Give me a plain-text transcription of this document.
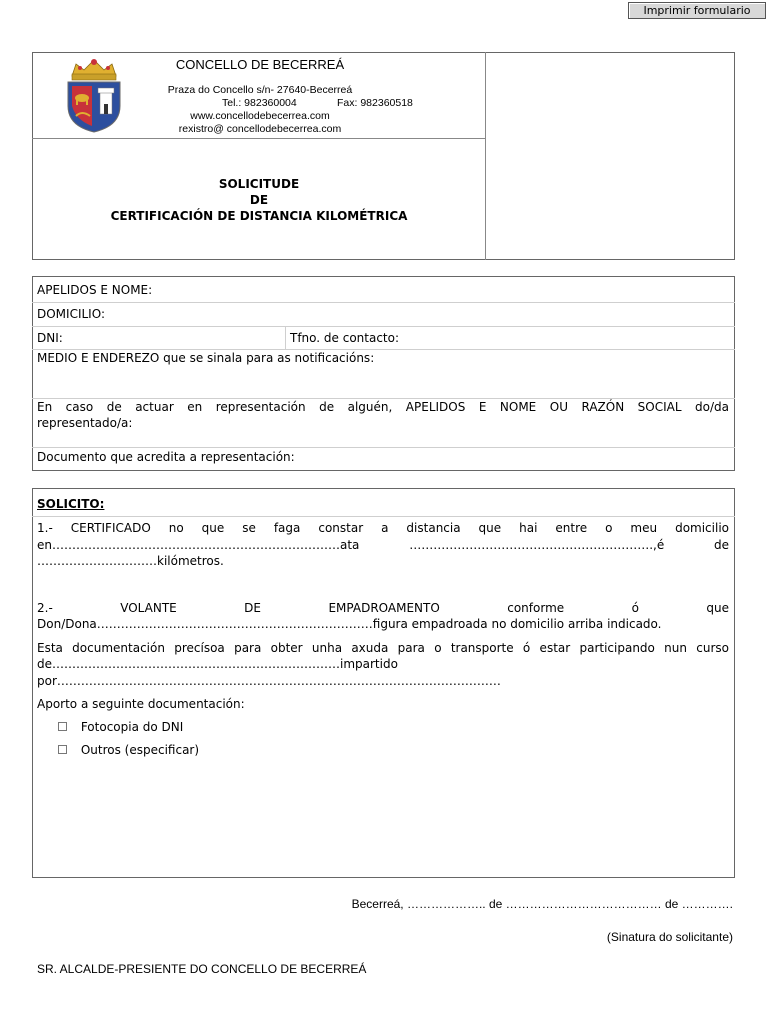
Imprimir formulario
CONCELLO DE BECERREÁ
Praza do Concello s/n- 27640-Becerreá
Tel.: 982360004	Fax: 982360518
www.concellodebecerrea.com
rexistro@ concellodebecerrea.com
SOLICITUDE
DE
CERTIFICACIÓN DE DISTANCIA KILOMÉTRICA
APELIDOS E NOME:
DOMICILIO:
DNI:	Tfno. de contacto:
MEDIO E ENDEREZO que se sinala para as notificacións:
En caso de actuar en representación de alguén, APELIDOS E NOME OU RAZÓN SOCIAL do/da
representado/a:
Documento que acredita a representación:
SOLICITO:
1.- CERTIFICADO no que se faga constar a distancia que hai entre o meu domicilio
en………………………………………………………………ata …………………………………………………….,é de
…………………………kilómetros.
2.- VOLANTE DE EMPADROAMENTO conforme ó que
Don/Dona……………………………………………………………figura empadroada no domicilio arriba indicado.
Esta documentación precísoa para obter unha axuda para o transporte ó estar participando nun curso
de………………………………………………………………impartido
por…………………………………………………………………………………………………
Aporto a seguinte documentación:
Fotocopia do DNI
Outros (especificar)
Becerreá, ……………….. de ………………………………… de ………….
(Sinatura do solicitante)
SR. ALCALDE-PRESIENTE DO CONCELLO DE BECERREÁ
